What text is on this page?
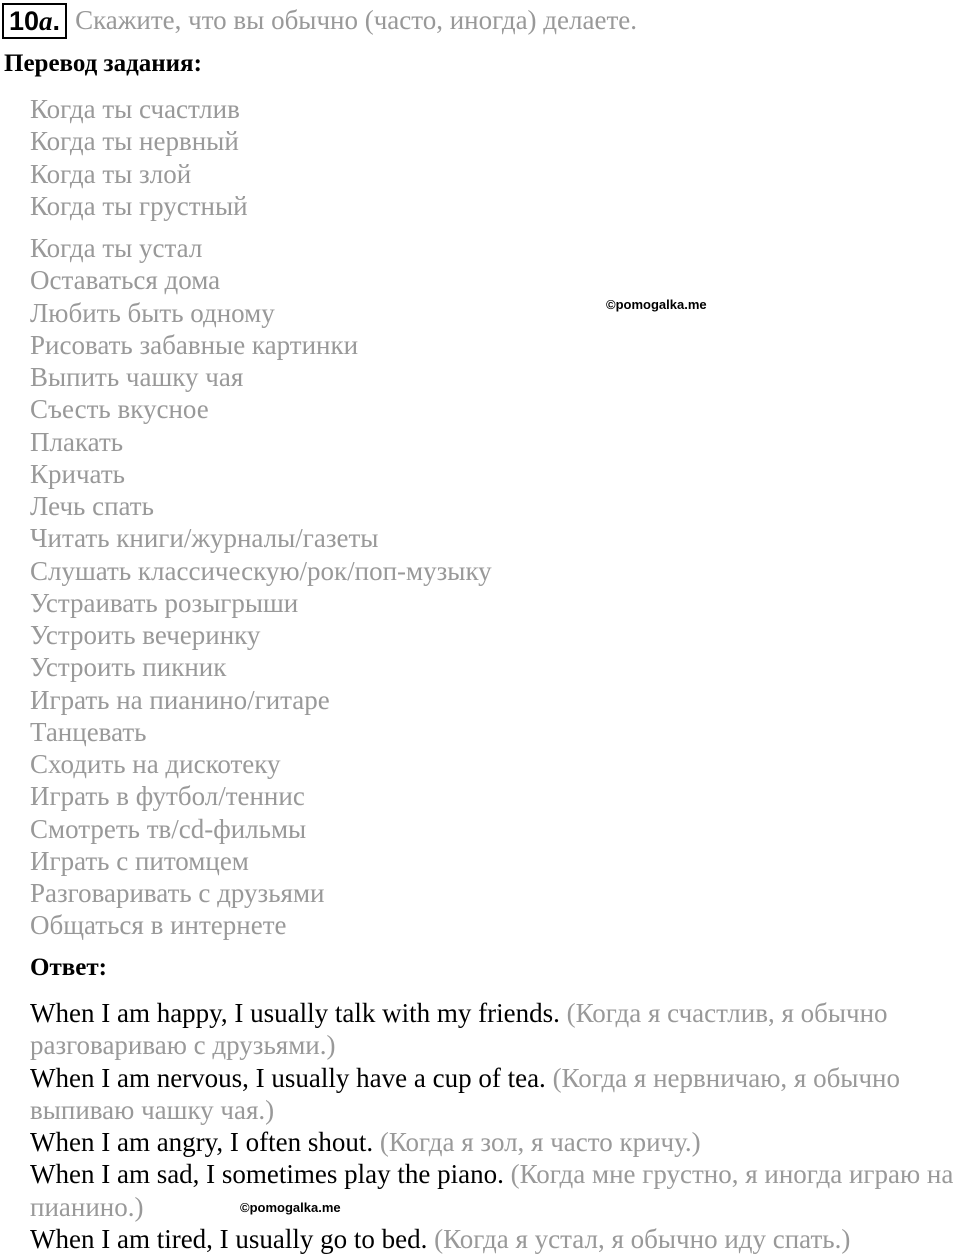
10a. Скажите, что вы обычно (часто, иногда) делаете.
Перевод задания:
Когда ты счастлив
Когда ты нервный
Когда ты злой
Когда ты грустный
Когда ты устал
Оставаться дома
Любить быть одному
Рисовать забавные картинки
Выпить чашку чая
Съесть вкусное
Плакать
Кричать
Лечь спать
Читать книги/журналы/газеты
Слушать классическую/рок/поп-музыку
Устраивать розыгрыши
Устроить вечеринку
Устроить пикник
Играть на пианино/гитаре
Танцевать
Сходить на дискотеку
Играть в футбол/теннис
Смотреть тв/cd-фильмы
Играть с питомцем
Разговаривать с друзьями
Общаться в интернете
©pomogalka.me
Ответ:

When I am happy, I usually talk with my friends. (Когда я счастлив, я обычно разговариваю с друзьями.)

When I am nervous, I usually have a cup of tea. (Когда я нервничаю, я обычно выпиваю чашку чая.)

When I am angry, I often shout. (Когда я зол, я часто кричу.)

When I am sad, I sometimes play the piano. (Когда мне грустно, я иногда играю на пианино.)

When I am tired, I usually go to bed. (Когда я устал, я обычно иду спать.)

©pomogalka.me
